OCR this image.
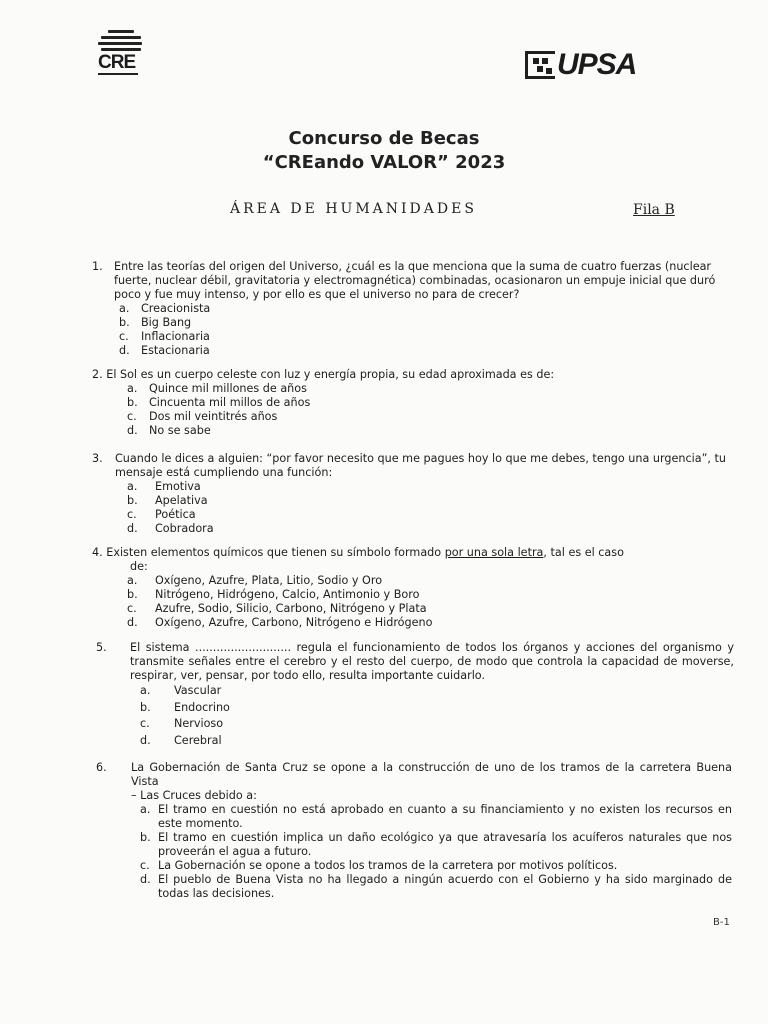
CRE	UPSA
Concurso de Becas
“CREando VALOR” 2023
ÁREA DE HUMANIDADES	Fila B
1. Entre las teorías del origen del Universo, ¿cuál es la que menciona que la suma de cuatro fuerzas (nuclear
fuerte, nuclear débil, gravitatoria y electromagnética) combinadas, ocasionaron un empuje inicial que duró
poco y fue muy intenso, y por ello es que el universo no para de crecer?
a. Creacionista
b. Big Bang
c. Inflacionaria
d. Estacionaria
2. El Sol es un cuerpo celeste con luz y energía propia, su edad aproximada es de:
a. Quince mil millones de años
b. Cincuenta mil millos de años
c. Dos mil veintitrés años
d. No se sabe
3. Cuando le dices a alguien: “por favor necesito que me pagues hoy lo que me debes, tengo una urgencia”, tu
mensaje está cumpliendo una función:
a. Emotiva
b. Apelativa
c. Poética
d. Cobradora
4. Existen elementos químicos que tienen su símbolo formado por una sola letra, tal es el caso
de:
a. Oxígeno, Azufre, Plata, Litio, Sodio y Oro
b. Nitrógeno, Hidrógeno, Calcio, Antimonio y Boro
c. Azufre, Sodio, Silicio, Carbono, Nitrógeno y Plata
d. Oxígeno, Azufre, Carbono, Nitrógeno e Hidrógeno
5. El sistema ........................... regula el funcionamiento de todos los órganos y acciones del organismo y
transmite señales entre el cerebro y el resto del cuerpo, de modo que controla la capacidad de moverse,
respirar, ver, pensar, por todo ello, resulta importante cuidarlo.
a. Vascular
b. Endocrino
c. Nervioso
d. Cerebral
6. La Gobernación de Santa Cruz se opone a la construcción de uno de los tramos de la carretera Buena Vista
– Las Cruces debido a:
a. El tramo en cuestión no está aprobado en cuanto a su financiamiento y no existen los recursos en
este momento.
b. El tramo en cuestión implica un daño ecológico ya que atravesaría los acuíferos naturales que nos
proveerán el agua a futuro.
c. La Gobernación se opone a todos los tramos de la carretera por motivos políticos.
d. El pueblo de Buena Vista no ha llegado a ningún acuerdo con el Gobierno y ha sido marginado de
todas las decisiones.
B-1
